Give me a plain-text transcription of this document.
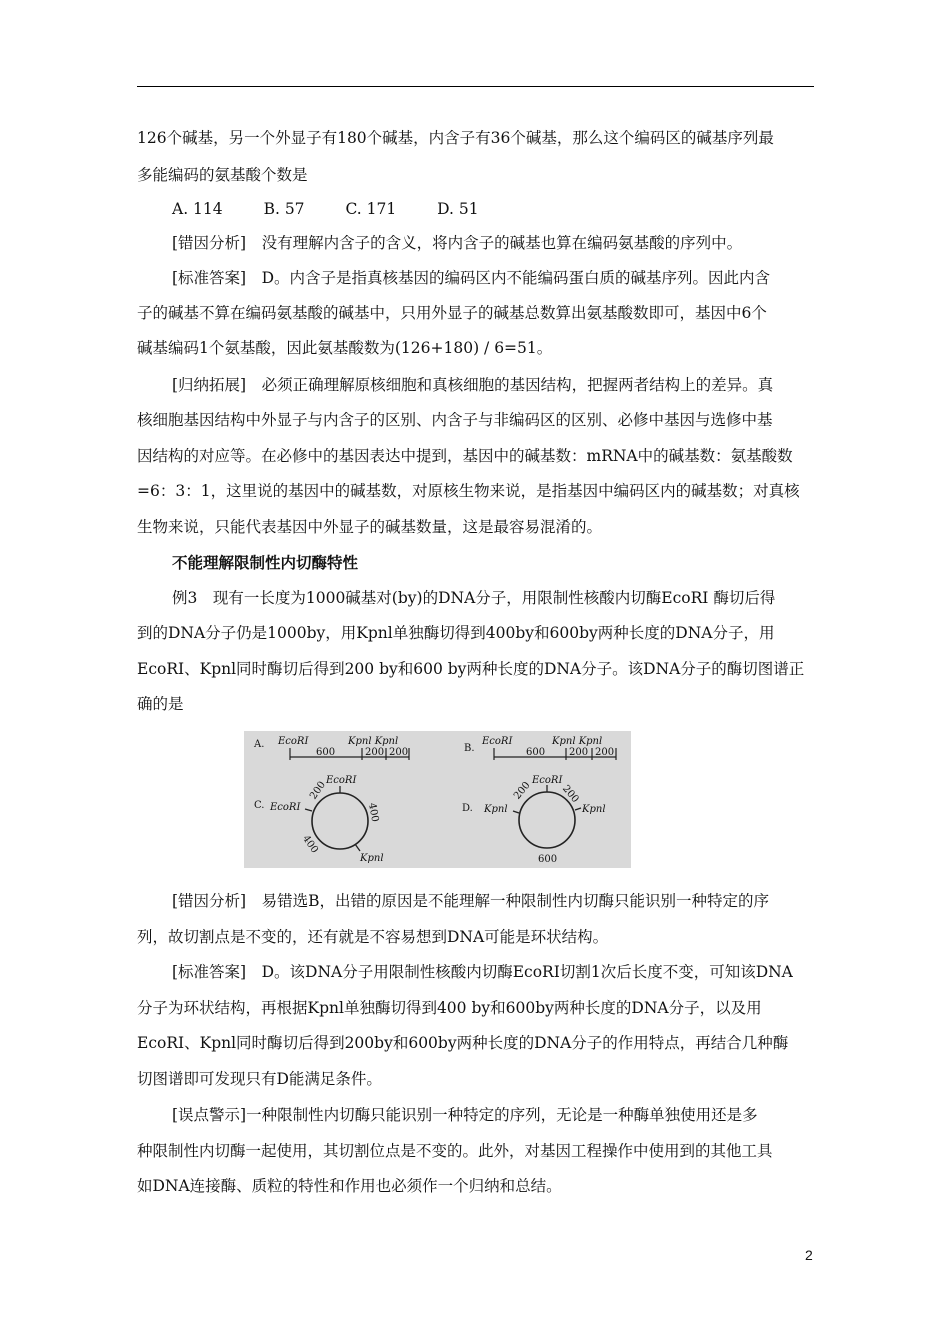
126个碱基，另一个外显子有180个碱基，内含子有36个碱基，那么这个编码区的碱基序列最
多能编码的氨基酸个数是
A. 114	B. 57	C. 171	D. 51
[错因分析]　没有理解内含子的含义，将内含子的碱基也算在编码氨基酸的序列中。
[标准答案]　D。内含子是指真核基因的编码区内不能编码蛋白质的碱基序列。因此内含
子的碱基不算在编码氨基酸的碱基中，只用外显子的碱基总数算出氨基酸数即可，基因中6个
碱基编码1个氨基酸，因此氨基酸数为(126+180) / 6=51。
[归纳拓展]　必须正确理解原核细胞和真核细胞的基因结构，把握两者结构上的差异。真
核细胞基因结构中外显子与内含子的区别、内含子与非编码区的区别、必修中基因与选修中基
因结构的对应等。在必修中的基因表达中提到，基因中的碱基数：mRNA中的碱基数：氨基酸数
=6：3：1，这里说的基因中的碱基数，对原核生物来说，是指基因中编码区内的碱基数；对真核
生物来说，只能代表基因中外显子的碱基数量，这是最容易混淆的。
不能理解限制性内切酶特性
例3　现有一长度为1000碱基对(by)的DNA分子，用限制性核酸内切酶EcoRI 酶切后得
到的DNA分子仍是1000by，用Kpnl单独酶切得到400by和600by两种长度的DNA分子，用
EcoRI、Kpnl同时酶切后得到200 by和600 by两种长度的DNA分子。该DNA分子的酶切图谱正
确的是
A. EcoRI	Kpnl Kpnl
600	200 200	B.
EcoRI	Kpnl Kpnl
600 200 200
C.
EcoRI
EcoRI
200
400
400
Kpnl
D.
EcoRI
Kpnl	Kpnl
200	200
600
[错因分析]　易错选B，出错的原因是不能理解一种限制性内切酶只能识别一种特定的序
列，故切割点是不变的，还有就是不容易想到DNA可能是环状结构。
[标准答案]　D。该DNA分子用限制性核酸内切酶EcoRI切割1次后长度不变，可知该DNA
分子为环状结构，再根据Kpnl单独酶切得到400 by和600by两种长度的DNA分子，以及用
EcoRI、Kpnl同时酶切后得到200by和600by两种长度的DNA分子的作用特点，再结合几种酶
切图谱即可发现只有D能满足条件。
[误点警示]一种限制性内切酶只能识别一种特定的序列，无论是一种酶单独使用还是多
种限制性内切酶一起使用，其切割位点是不变的。此外，对基因工程操作中使用到的其他工具
如DNA连接酶、质粒的特性和作用也必须作一个归纳和总结。
2
